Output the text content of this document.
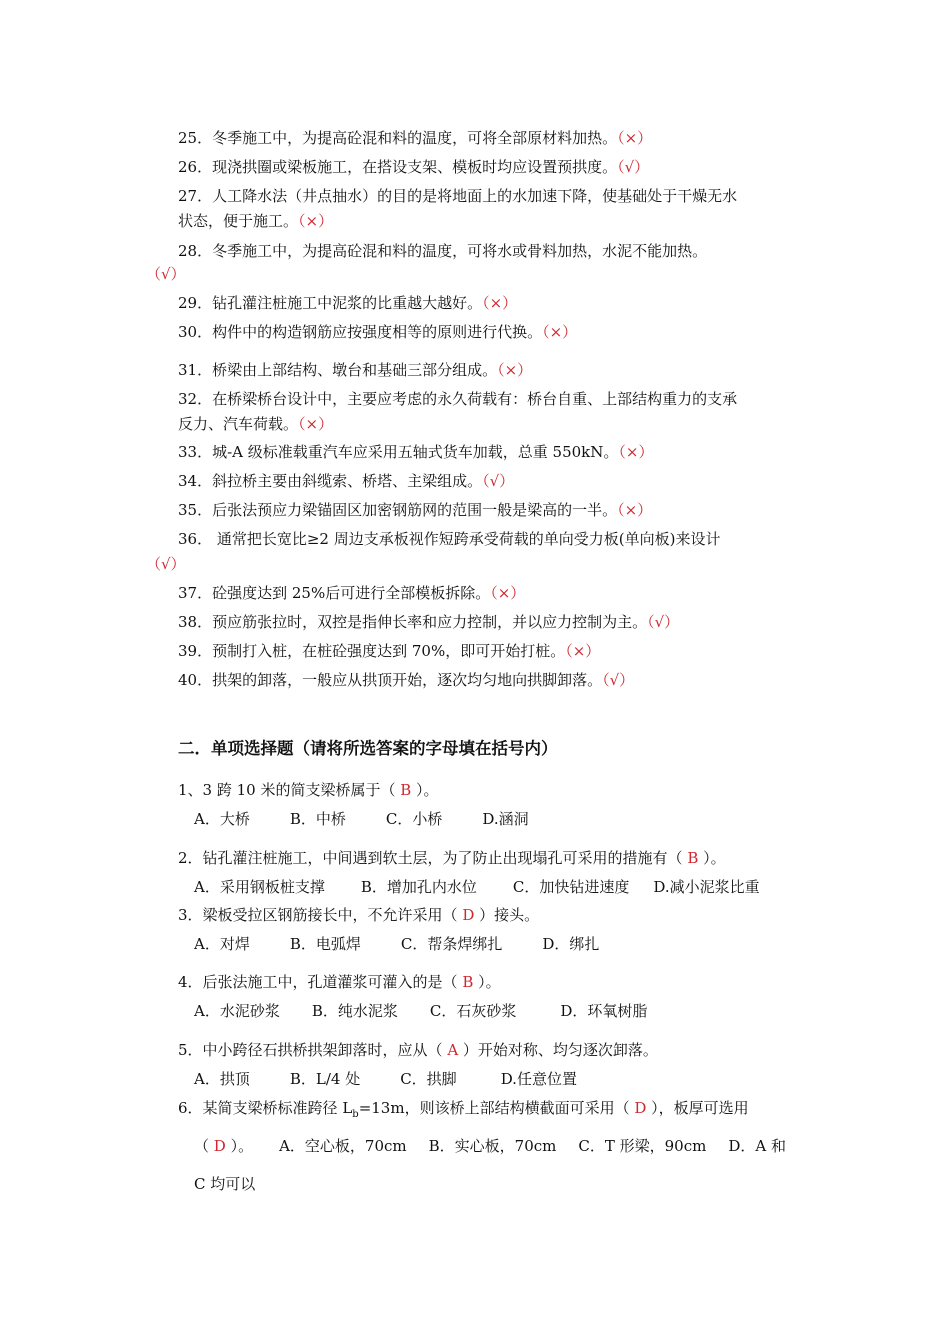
25．冬季施工中，为提高砼混和料的温度，可将全部原材料加热。（×）
26．现浇拱圈或梁板施工，在搭设支架、模板时均应设置预拱度。（√）
27．人工降水法（井点抽水）的目的是将地面上的水加速下降，使基础处于干燥无水
状态，便于施工。（×）
28．冬季施工中，为提高砼混和料的温度，可将水或骨料加热，水泥不能加热。
（√）
29．钻孔灌注桩施工中泥浆的比重越大越好。（×）
30．构件中的构造钢筋应按强度相等的原则进行代换。（×）
31．桥梁由上部结构、墩台和基础三部分组成。（×）
32．在桥梁桥台设计中，主要应考虑的永久荷载有：桥台自重、上部结构重力的支承
反力、汽车荷载。（×）
33．城-A 级标准载重汽车应采用五轴式货车加载，总重 550kN。（×）
34．斜拉桥主要由斜缆索、桥塔、主梁组成。（√）
35．后张法预应力梁锚固区加密钢筋网的范围一般是梁高的一半。（×）
36． 通常把长宽比≥2 周边支承板视作短跨承受荷载的单向受力板(单向板)来设计
（√）
37．砼强度达到 25%后可进行全部模板拆除。（×）
38．预应筋张拉时，双控是指伸长率和应力控制，并以应力控制为主。（√）
39．预制打入桩，在桩砼强度达到 70%，即可开始打桩。（×）
40．拱架的卸落，一般应从拱顶开始，逐次均匀地向拱脚卸落。（√）
二．单项选择题（请将所选答案的字母填在括号内）
1、3 跨 10 米的简支梁桥属于（ B ）。
A．大桥	B．中桥	C．小桥	D.涵洞
2．钻孔灌注桩施工，中间遇到软土层，为了防止出现塌孔可采用的措施有（ B ）。
A．采用钢板桩支撑 B．增加孔内水位 C．加快钻进速度 D.减小泥浆比重
3．梁板受拉区钢筋接长中，不允许采用（ D ）接头。
A．对焊	B．电弧焊	C．帮条焊绑扎	D．绑扎
4．后张法施工中，孔道灌浆可灌入的是（ B ）。
A．水泥砂浆 B．纯水泥浆 C．石灰砂浆	D．环氧树脂
5．中小跨径石拱桥拱架卸落时，应从（ A ）开始对称、均匀逐次卸落。
A．拱顶	B．L/4 处	C．拱脚	D.任意位置
6．某简支梁桥标准跨径 $L_b=13m$，则该桥上部结构横截面可采用（ D ），板厚可选用
（ D ）。 A．空心板，70cm B．实心板，70cm C．T 形梁，90cm D．A 和
C 均可以
